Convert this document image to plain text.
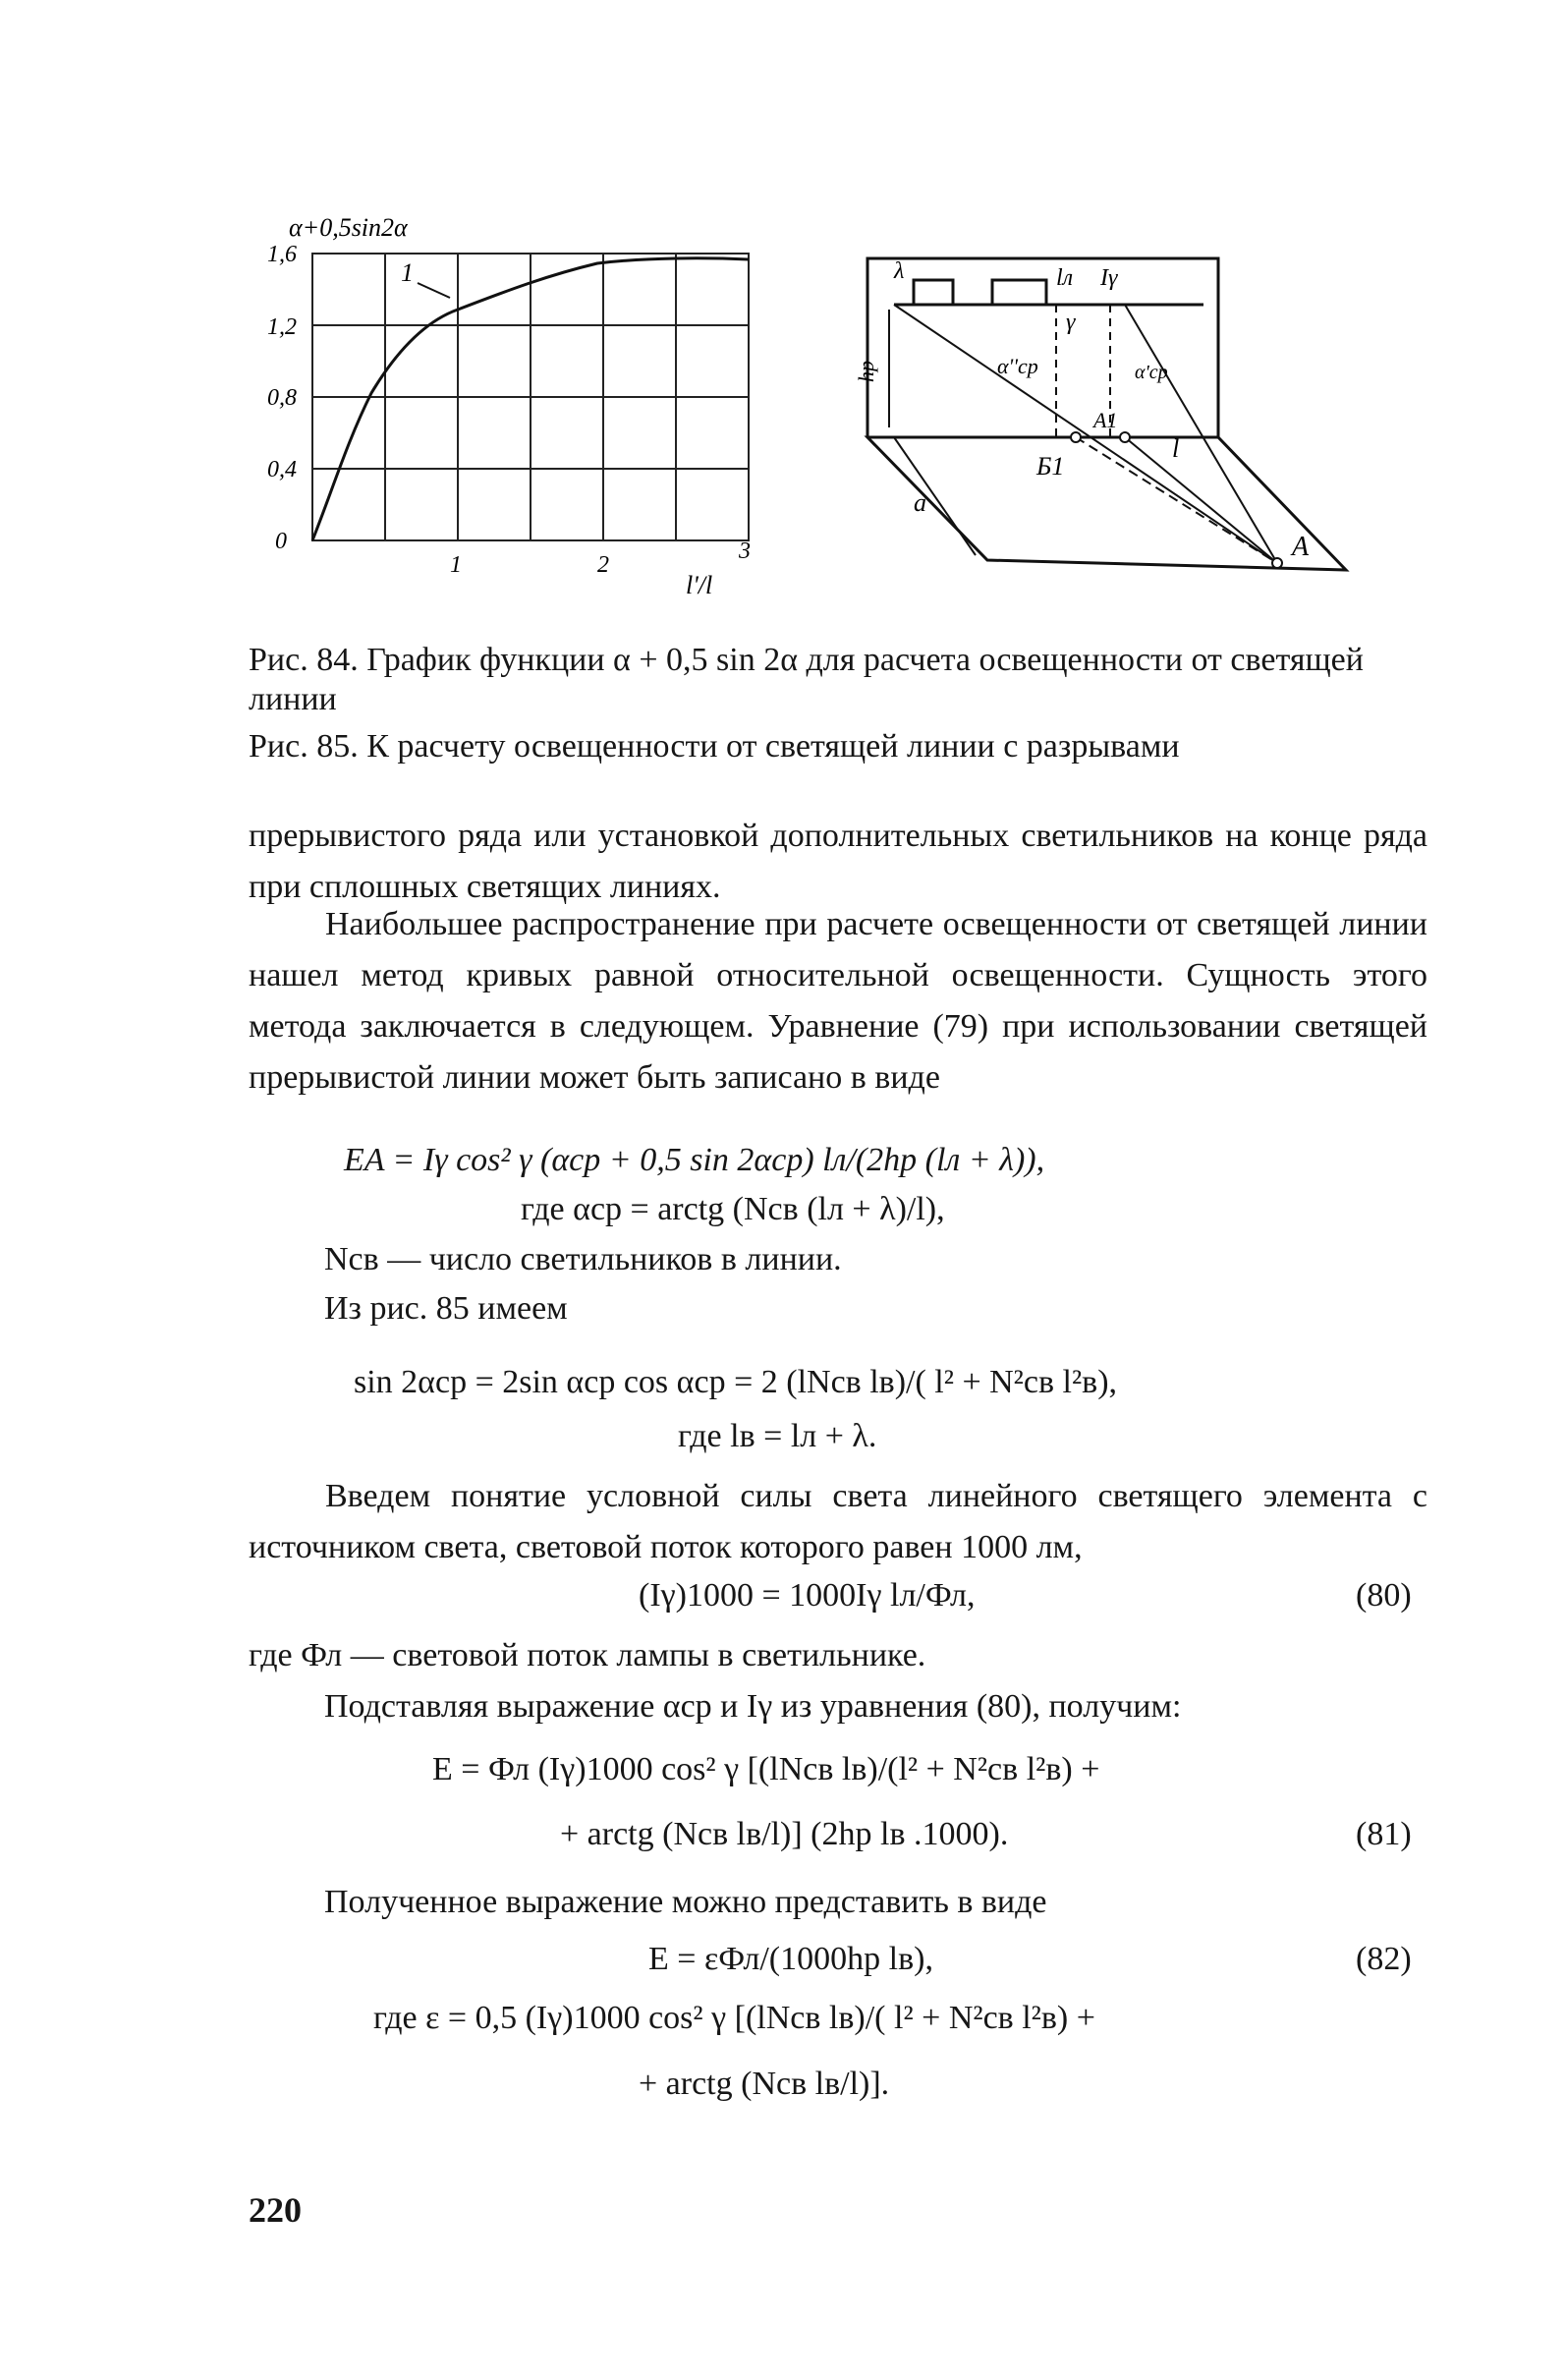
α+0,5sin2α
1
1,6
1,2
0,8
0,4
0
1	2
3
l'/l
λ	lл Iγ
γ
hp	α''ср	α'ср
A1
Б1
l
a
A
Рис. 84. График функции α + 0,5 sin 2α для расчета освещенности от светящей линии
Рис. 85. К расчету освещенности от светящей линии с разрывами

прерывистого ряда или установкой дополнительных светильников на конце ряда при сплошных светящих линиях.

Наибольшее распространение при расчете освещенности от светящей линии нашел метод кривых равной относительной освещенности. Сущность этого метода заключается в следующем. Уравнение (79) при использовании светящей прерывистой линии может быть записано в виде

EA = Iγ cos² γ (αср + 0,5 sin 2αср) lл/(2hр (lл + λ)),
где αср = arctg (Nсв (lл + λ)/l),
Nсв — число светильников в линии.
Из рис. 85 имеем
sin 2αср = 2sin αср cos αср = 2 (lNсв lв)/( l² + N²св l²в),
где lв = lл + λ.

Введем понятие условной силы света линейного светящего элемента с источником света, световой поток которого равен 1000 лм,

(Iγ)1000 = 1000Iγ lл/Фл,	(80)
где Фл — световой поток лампы в светильнике.
Подставляя выражение αср и Iγ из уравнения (80), получим:
E = Фл (Iγ)1000 cos² γ [(lNсв lв)/(l² + N²св l²в) +
+ arctg (Nсв lв/l)] (2hр lв .1000).	(81)
Полученное выражение можно представить в виде
E = εФл/(1000hр lв),	(82)
где ε = 0,5 (Iγ)1000 cos² γ [(lNсв lв)/( l² + N²св l²в) +
+ arctg (Nсв lв/l)].
220
